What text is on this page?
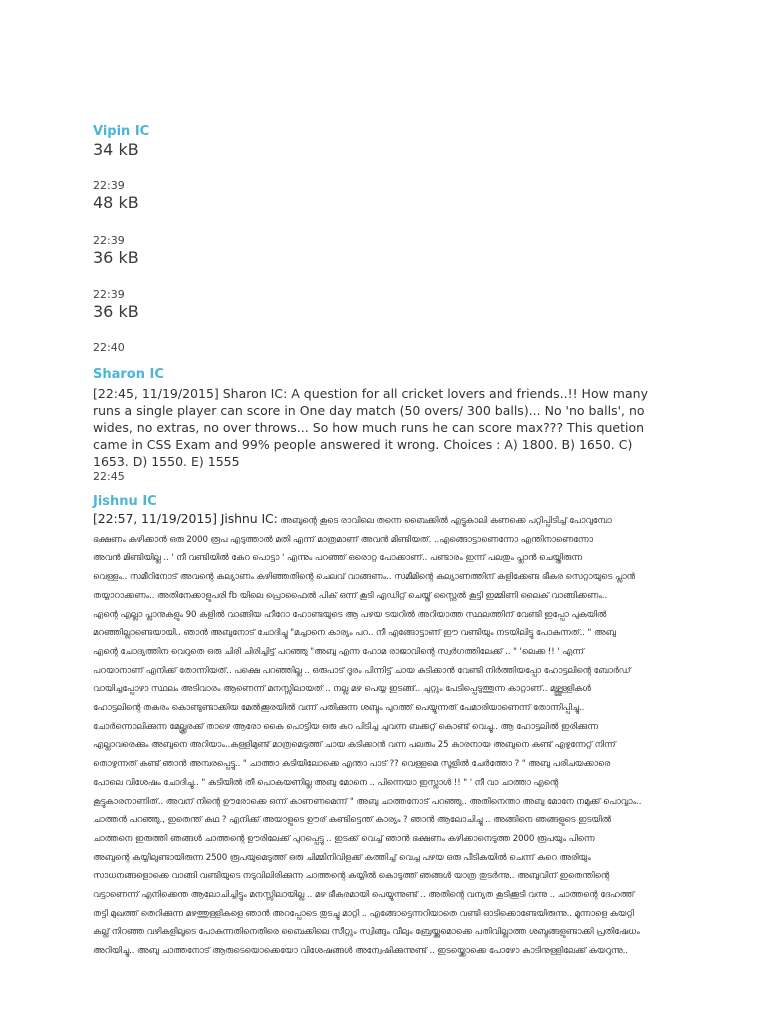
Vipin IC
34 kB
22:39
48 kB
22:39
36 kB
22:39
36 kB
22:40
Sharon IC
[22:45, 11/19/2015] Sharon IC: A question for all cricket lovers and friends..!! How many
runs a single player can score in One day match (50 overs/ 300 balls)... No 'no balls', no
wides, no extras, no over throws... So how much runs he can score max??? This quetion
came in CSS Exam and 99% people answered it wrong. Choices : A) 1800. B) 1650. C)
1653. D) 1550. E) 1555
22:45
Jishnu IC
[22:57, 11/19/2015] Jishnu IC: അബുന്റെ കൂടെ രാവിലെ തന്നെ ബൈക്കിൽ എട്ടുകാലി കണക്കെ പറ്റിപ്പിടിച്ച് പോവുമ്പോ
ഭക്ഷണം കഴിക്കാൻ ഒരു 2000 രൂപ എടുത്താൽ മതി എന്ന് മാത്രമാണ് അവൻ മിണ്ടിയത്. ..എങ്ങൊട്ടാണെന്നോ എന്തിനാണെന്നോ
അവൻ മിണ്ടിയില്ല .. ' നീ വണ്ടിയിൽ കേറ പൊട്ടാ ' എന്നും പറഞ്ഞ് ഒരൊറ്റ പോക്കാണ്.. പണ്ടാരം ഇന്ന് പലതും പ്ലാൻ ചെയ്തിരുന്ന
വെള്ളം.. സമീറിനോട് അവന്റെ കല്യാണം കഴിഞ്ഞതിന്റെ ചെലവ് വാങ്ങണം.. സമീമിന്റെ കല്യാണത്തിന് കളിക്കേണ്ട ഭീകര സെറ്റായുടെ പ്ലാൻ
തയ്യാറാക്കണം.. അതിനേക്കാളുപരി fb യിലെ പ്രൊഫൈൽ പിക് ഒന്ന് കൂടി എഡിറ്റ് ചെയ്ത് സ്റ്റൈൽ കൂട്ടി ഇമ്മിണി ലൈക് വാങ്ങിക്കണം..
എന്റെ എല്ലാ പ്ലാനുകളും 90 കളിൽ വാങ്ങിയ ഹീറോ ഹോണ്ടയുടെ ആ പഴയ ടയറിൽ അറിയാത്ത സ്ഥലത്തിന് വേണ്ടി ഇപ്പോ പുകയിൽ
മറഞ്ഞില്ലാണ്ടെയായി.. ഞാൻ അബുനോട് ചോദിച്ചു "മച്ചാനെ കാര്യം പറ.. നീ എങ്ങോട്ടാണ് ഈ വണ്ടിയും നടയിലിട്ടു പോകുന്നത്.. " അബു
എന്റെ ചോദ്യത്തിന വെറുതെ ഒരു ചിരി ചിരിച്ചിട്ട് പറഞ്ഞു "അബു എന്ന ഹോമ രാജാവിന്റെ സ്വർഗത്തിലേക്ക് .. " 'ലെക്ക !! ' എന്ന്
പറയാനാണ് എനിക്ക് തോന്നിയത്.. പക്ഷെ പറഞ്ഞില്ല .. ഒരുപാട് ദൂരം പിന്നിട്ട് ചായ കുടിക്കാൻ വേണ്ടി നിർത്തിയപ്പോ ഹോട്ടലിന്റെ ബോർഡ്
വായിച്ചപ്പോഴാ സ്ഥലം അടിവാരം ആണെന്ന് മനസ്സിലായത് .. നല്ല മഴ പെയ്യ ഇടങ്ങ്.. ചുറ്റും പേടിപ്പെടുത്തുന്ന കാറ്റാണ്.. മഴ്ത്തുള്ളികൾ
ഹോട്ടലിന്റെ തകരം കൊണ്ടുണ്ടാക്കിയ മേൽക്കൂരയിൽ വന്ന് പതിക്കുന്ന ശബ്ദം പുറത്ത് പെയ്യുന്നത് പേമാരിയാണെന്ന് തോന്നിപ്പിച്ചു..
ചോർന്നൊലിക്കുന്ന മേല്ക്കൂരക്ക് താഴെ ആരോ കൈ പൊട്ടിയ ഒരു കറ പിടിച്ച ചുവന്ന ബക്കറ്റ് കൊണ്ട് വെച്ചു.. ആ ഹോട്ടലിൽ ഇരിക്കുന്ന
എല്ലാവരെക്കും അബുനെ അറിയാം..കള്ളിമുണ്ട് മാത്രമെടുത്ത് ചായ കടിക്കാൻ വന്ന പലരും 25 കാരനായ അബുനെ കണ്ട് എഴുന്നേറ്റ് നിന്ന്
തൊഴുന്നത് കണ്ട് ഞാൻ അമ്പരപ്പെട്ടു.. " ചാത്താ കടിയിലോക്കെ എന്താ പാട് ?? വെള്ളമെ സൂളിൽ ചേർത്തോ ? " അബു പരിചയക്കാരെ
പോലെ വിശേഷം ചോദിച്ചു.. " കടിയിൽ തീ പൊകയണില്ല അബു മോനെ .. പിന്നെയാ ഇസ്ലാൾ !! " ' നീ വാ ചാത്താ എന്റെ
കൂട്ടുകാരനാണിത്.. അവന് നിന്റെ ഊരോക്കെ ഒന്ന് കാണണമെന്ന് " അബു ചാത്തനോട് പറഞ്ഞു.. അതിനെന്താ അബു മോനേ നമുക്ക് പൊവ്വാം..
ചാത്തൻ പറഞ്ഞു., ഇതെന്ത് കഥ ? എനിക്ക് അയാളുടെ ഊര് കണ്ടിട്ടെന്ത് കാര്യം ? ഞാൻ ആലോചിച്ചു .. അങ്ങിനെ ഞങ്ങളുടെ ഇടയിൽ
ചാത്തനെ ഇരുത്തി ഞങ്ങൾ ചാത്തന്റെ ഊരിലേക്ക് പുറപ്പെട്ടു .. ഇടക്ക് വെച്ച് ഞാൻ ഭക്ഷണം കഴിക്കാനെടുത്ത 2000 രൂപയും പിന്നെ
അബുന്റെ കയ്യിലുണ്ടായിരുന്ന 2500 രൂപയുമെടുത്ത് ഒരു ചിമ്മിനിവിളക്ക് കത്തിച്ച് വെച്ച പഴയ ഒരു പീടികയിൽ ചെന്ന് കറെ അരിയും
സാധനങ്ങളൊക്കെ വാങ്ങി വണ്ടിയുടെ നടുവിലിരിക്കുന്ന ചാത്തന്റെ കയ്യിൽ കൊടുത്ത് ഞങ്ങൾ യാത്ര തുടർന്നു.. അബുവിന് ഇതെന്തിന്റെ
വട്ടാണെന്ന് എനിക്കെന്ത ആലോചിച്ചിട്ടും മനസ്സിലായില്ല .. മഴ ഭീകരമായി പെയ്യുന്നുണ്ട് .. അതിന്റെ വന്യത കൂടിക്കൂടി വന്നു .. ചാത്തന്റെ ദേഹത്ത്
തട്ടി മുഖത്ത് തെറിക്കുന്ന മഴത്തുള്ളികളെ ഞാൻ അറപ്പോടെ തുടച്ചു മാറ്റി .. എങ്ങോട്ടെന്നറിയാതെ വണ്ടി ഓടിക്കൊണ്ടേയിരുന്നു.. മൂന്നാളെ കയറ്റി
കല്ല് നിറഞ്ഞ വഴികളിലൂടെ പോകുന്നതിനെതിരെ ബൈക്കിലെ സീറ്റും സ്വിങ്ങും വീലും ബ്രേയ്ക്കുമൊക്കെ പതിവില്ലാത്ത ശബ്ദങ്ങളുണ്ടാക്കി പ്രതിഷേധം
അറിയിച്ചു.. അബു ചാത്തനോട് ആരുടെയൊക്കെയോ വിശേഷങ്ങൾ അന്വേഷിക്കുന്നുണ്ട് .. ഇടയ്ക്കൊക്കെ പോഴോ കാടിനുള്ളിലേക്ക് കയറുന്നു..
